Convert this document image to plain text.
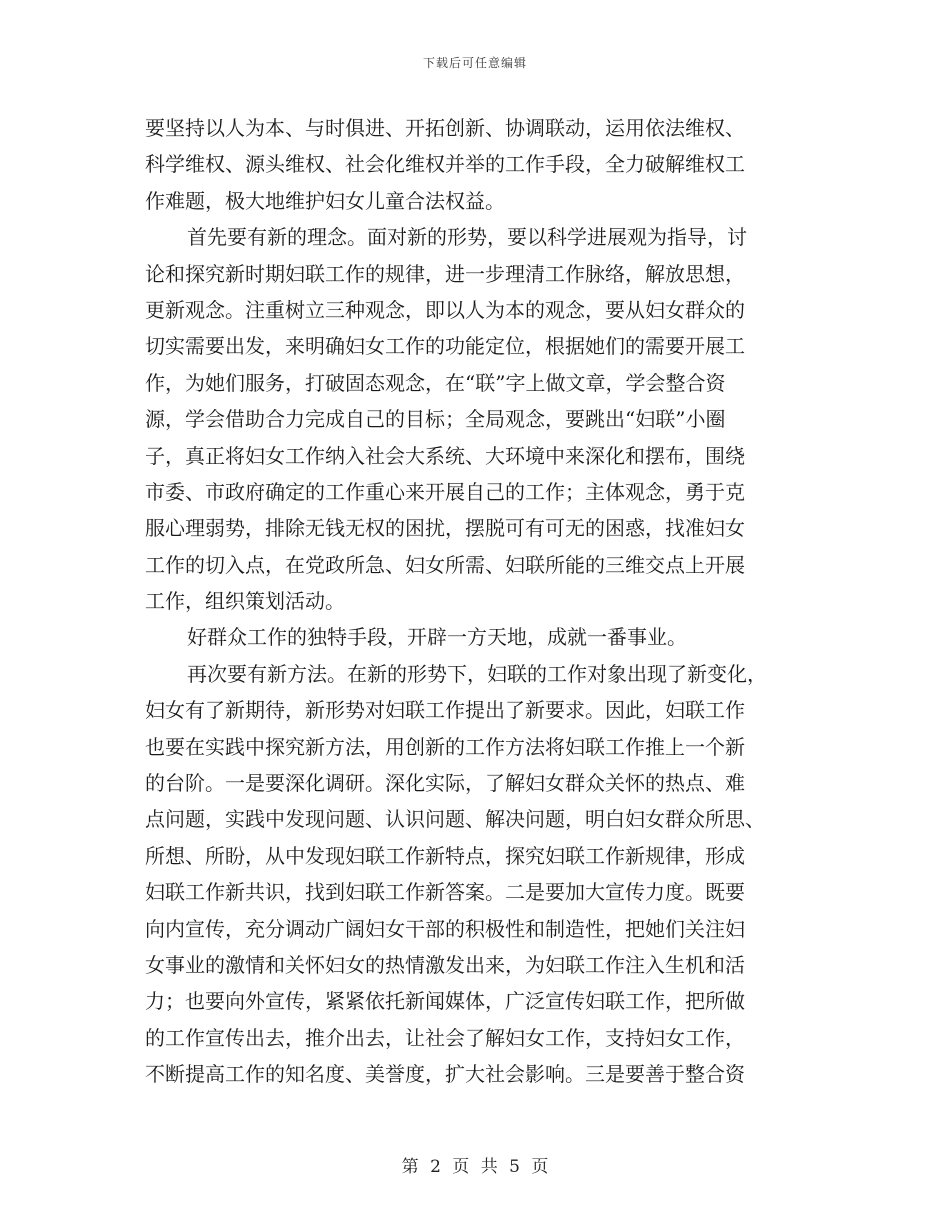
下载后可任意编辑
要坚持以人为本、与时俱进、开拓创新、协调联动，运用依法维权、
科学维权、源头维权、社会化维权并举的工作手段，全力破解维权工
作难题，极大地维护妇女儿童合法权益。
首先要有新的理念。面对新的形势，要以科学进展观为指导，讨
论和探究新时期妇联工作的规律，进一步理清工作脉络，解放思想，
更新观念。注重树立三种观念，即以人为本的观念，要从妇女群众的
切实需要出发，来明确妇女工作的功能定位，根据她们的需要开展工
作，为她们服务，打破固态观念，在“联”字上做文章，学会整合资
源，学会借助合力完成自己的目标；全局观念，要跳出“妇联”小圈
子，真正将妇女工作纳入社会大系统、大环境中来深化和摆布，围绕
市委、市政府确定的工作重心来开展自己的工作；主体观念，勇于克
服心理弱势，排除无钱无权的困扰，摆脱可有可无的困惑，找准妇女
工作的切入点，在党政所急、妇女所需、妇联所能的三维交点上开展
工作，组织策划活动。
好群众工作的独特手段，开辟一方天地，成就一番事业。
再次要有新方法。在新的形势下，妇联的工作对象出现了新变化，
妇女有了新期待，新形势对妇联工作提出了新要求。因此，妇联工作
也要在实践中探究新方法，用创新的工作方法将妇联工作推上一个新
的台阶。一是要深化调研。深化实际，了解妇女群众关怀的热点、难
点问题，实践中发现问题、认识问题、解决问题，明白妇女群众所思、
所想、所盼，从中发现妇联工作新特点，探究妇联工作新规律，形成
妇联工作新共识，找到妇联工作新答案。二是要加大宣传力度。既要
向内宣传，充分调动广阔妇女干部的积极性和制造性，把她们关注妇
女事业的激情和关怀妇女的热情激发出来，为妇联工作注入生机和活
力；也要向外宣传，紧紧依托新闻媒体，广泛宣传妇联工作，把所做
的工作宣传出去，推介出去，让社会了解妇女工作，支持妇女工作，
不断提高工作的知名度、美誉度，扩大社会影响。三是要善于整合资
第 2 页 共 5 页
